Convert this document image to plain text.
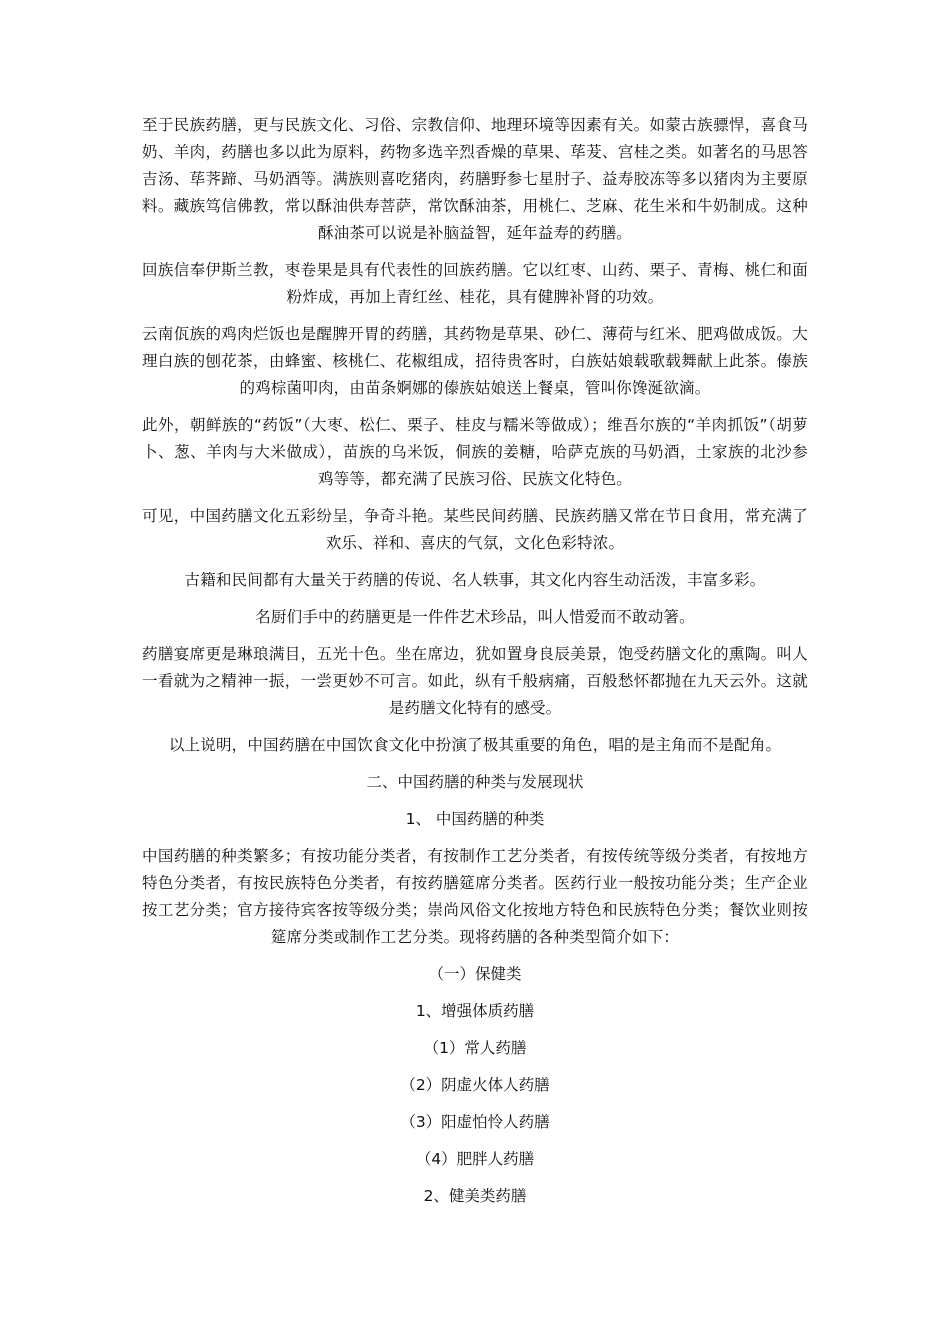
至于民族药膳，更与民族文化、习俗、宗教信仰、地理环境等因素有关。如蒙古族骠悍，喜食马奶、羊肉，药膳也多以此为原料，药物多选辛烈香燥的草果、荜茇、宫桂之类。如著名的马思答吉汤、荜荠蹄、马奶酒等。满族则喜吃猪肉，药膳野参七星肘子、益寿胶冻等多以猪肉为主要原料。藏族笃信佛教，常以酥油供寿菩萨，常饮酥油茶，用桃仁、芝麻、花生米和牛奶制成。这种酥油茶可以说是补脑益智，延年益寿的药膳。

回族信奉伊斯兰教，枣卷果是具有代表性的回族药膳。它以红枣、山药、栗子、青梅、桃仁和面粉炸成，再加上青红丝、桂花，具有健脾补肾的功效。

云南佤族的鸡肉烂饭也是醒脾开胃的药膳，其药物是草果、砂仁、薄荷与红米、肥鸡做成饭。大理白族的刨花茶，由蜂蜜、核桃仁、花椒组成，招待贵客时，白族姑娘载歌载舞献上此茶。傣族的鸡棕菌叩肉，由苗条婀娜的傣族姑娘送上餐桌，管叫你馋涎欲滴。

此外，朝鲜族的“药饭”（大枣、松仁、栗子、桂皮与糯米等做成）；维吾尔族的“羊肉抓饭”（胡萝卜、葱、羊肉与大米做成），苗族的乌米饭，侗族的姜糖，哈萨克族的马奶酒，土家族的北沙参鸡等等，都充满了民族习俗、民族文化特色。

可见，中国药膳文化五彩纷呈，争奇斗艳。某些民间药膳、民族药膳又常在节日食用，常充满了欢乐、祥和、喜庆的气氛，文化色彩特浓。

古籍和民间都有大量关于药膳的传说、名人轶事，其文化内容生动活泼，丰富多彩。

名厨们手中的药膳更是一件件艺术珍品，叫人惜爱而不敢动箸。

药膳宴席更是琳琅满目，五光十色。坐在席边，犹如置身良辰美景，饱受药膳文化的熏陶。叫人一看就为之精神一振，一尝更妙不可言。如此，纵有千般病痛，百般愁怀都抛在九天云外。这就是药膳文化特有的感受。

以上说明，中国药膳在中国饮食文化中扮演了极其重要的角色，唱的是主角而不是配角。

二、中国药膳的种类与发展现状

1、 中国药膳的种类

中国药膳的种类繁多；有按功能分类者，有按制作工艺分类者，有按传统等级分类者，有按地方特色分类者，有按民族特色分类者，有按药膳筵席分类者。医药行业一般按功能分类；生产企业按工艺分类；官方接待宾客按等级分类；崇尚风俗文化按地方特色和民族特色分类；餐饮业则按筵席分类或制作工艺分类。现将药膳的各种类型简介如下：

（一）保健类

1、增强体质药膳

（1）常人药膳

（2）阴虚火体人药膳

（3）阳虚怕怜人药膳

（4）肥胖人药膳

2、健美类药膳
